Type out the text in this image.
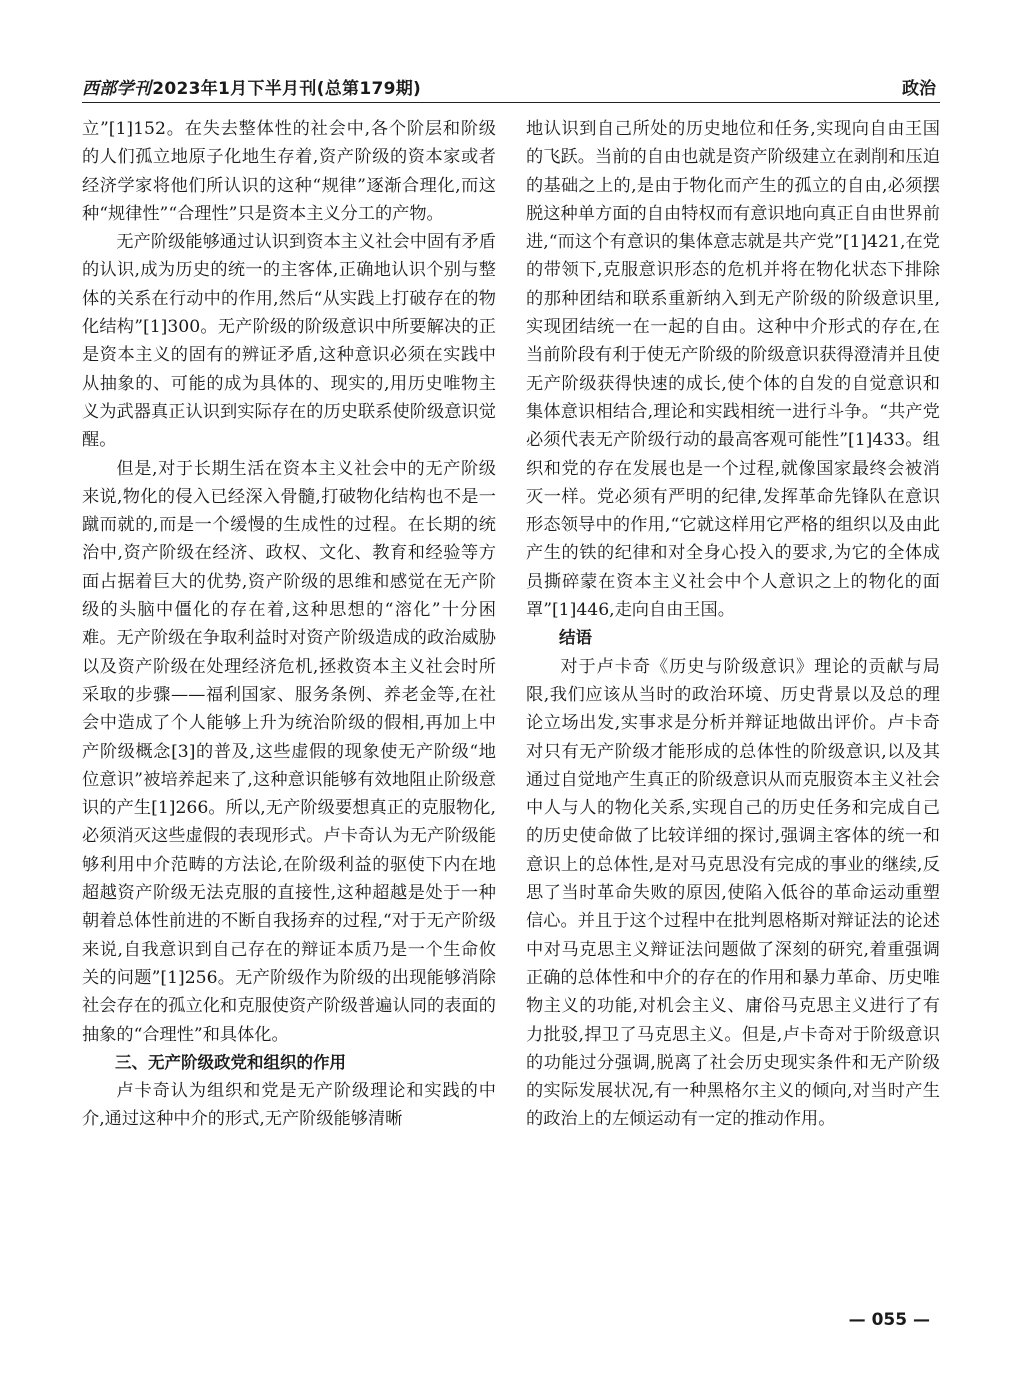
西部学刊2023年1月下半月刊(总第179期)	政治

立”[1]152。在失去整体性的社会中,各个阶层和阶级的人们孤立地原子化地生存着,资产阶级的资本家或者经济学家将他们所认识的这种“规律”逐渐合理化,而这种“规律性”“合理性”只是资本主义分工的产物。

无产阶级能够通过认识到资本主义社会中固有矛盾的认识,成为历史的统一的主客体,正确地认识个别与整体的关系在行动中的作用,然后“从实践上打破存在的物化结构”[1]300。无产阶级的阶级意识中所要解决的正是资本主义的固有的辨证矛盾,这种意识必须在实践中从抽象的、可能的成为具体的、现实的,用历史唯物主义为武器真正认识到实际存在的历史联系使阶级意识觉醒。

但是,对于长期生活在资本主义社会中的无产阶级来说,物化的侵入已经深入骨髓,打破物化结构也不是一蹴而就的,而是一个缓慢的生成性的过程。在长期的统治中,资产阶级在经济、政权、文化、教育和经验等方面占据着巨大的优势,资产阶级的思维和感觉在无产阶级的头脑中僵化的存在着,这种思想的“溶化”十分困难。无产阶级在争取利益时对资产阶级造成的政治威胁以及资产阶级在处理经济危机,拯救资本主义社会时所采取的步骤——福利国家、服务条例、养老金等,在社会中造成了个人能够上升为统治阶级的假相,再加上中产阶级概念[3]的普及,这些虚假的现象使无产阶级“地位意识”被培养起来了,这种意识能够有效地阻止阶级意识的产生[1]266。所以,无产阶级要想真正的克服物化,必须消灭这些虚假的表现形式。卢卡奇认为无产阶级能够利用中介范畴的方法论,在阶级利益的驱使下内在地超越资产阶级无法克服的直接性,这种超越是处于一种朝着总体性前进的不断自我扬弃的过程,“对于无产阶级来说,自我意识到自己存在的辩证本质乃是一个生命攸关的问题”[1]256。无产阶级作为阶级的出现能够消除社会存在的孤立化和克服使资产阶级普遍认同的表面的抽象的“合理性”和具体化。

三、无产阶级政党和组织的作用

卢卡奇认为组织和党是无产阶级理论和实践的中介,通过这种中介的形式,无产阶级能够清晰

地认识到自己所处的历史地位和任务,实现向自由王国的飞跃。当前的自由也就是资产阶级建立在剥削和压迫的基础之上的,是由于物化而产生的孤立的自由,必须摆脱这种单方面的自由特权而有意识地向真正自由世界前进,“而这个有意识的集体意志就是共产党”[1]421,在党的带领下,克服意识形态的危机并将在物化状态下排除的那种团结和联系重新纳入到无产阶级的阶级意识里,实现团结统一在一起的自由。这种中介形式的存在,在当前阶段有利于使无产阶级的阶级意识获得澄清并且使无产阶级获得快速的成长,使个体的自发的自觉意识和集体意识相结合,理论和实践相统一进行斗争。“共产党必须代表无产阶级行动的最高客观可能性”[1]433。组织和党的存在发展也是一个过程,就像国家最终会被消灭一样。党必须有严明的纪律,发挥革命先锋队在意识形态领导中的作用,“它就这样用它严格的组织以及由此产生的铁的纪律和对全身心投入的要求,为它的全体成员撕碎蒙在资本主义社会中个人意识之上的物化的面罩”[1]446,走向自由王国。

结语

对于卢卡奇《历史与阶级意识》理论的贡献与局限,我们应该从当时的政治环境、历史背景以及总的理论立场出发,实事求是分析并辩证地做出评价。卢卡奇对只有无产阶级才能形成的总体性的阶级意识,以及其通过自觉地产生真正的阶级意识从而克服资本主义社会中人与人的物化关系,实现自己的历史任务和完成自己的历史使命做了比较详细的探讨,强调主客体的统一和意识上的总体性,是对马克思没有完成的事业的继续,反思了当时革命失败的原因,使陷入低谷的革命运动重塑信心。并且于这个过程中在批判恩格斯对辩证法的论述中对马克思主义辩证法问题做了深刻的研究,着重强调正确的总体性和中介的存在的作用和暴力革命、历史唯物主义的功能,对机会主义、庸俗马克思主义进行了有力批驳,捍卫了马克思主义。但是,卢卡奇对于阶级意识的功能过分强调,脱离了社会历史现实条件和无产阶级的实际发展状况,有一种黑格尔主义的倾向,对当时产生的政治上的左倾运动有一定的推动作用。

— 055 —
